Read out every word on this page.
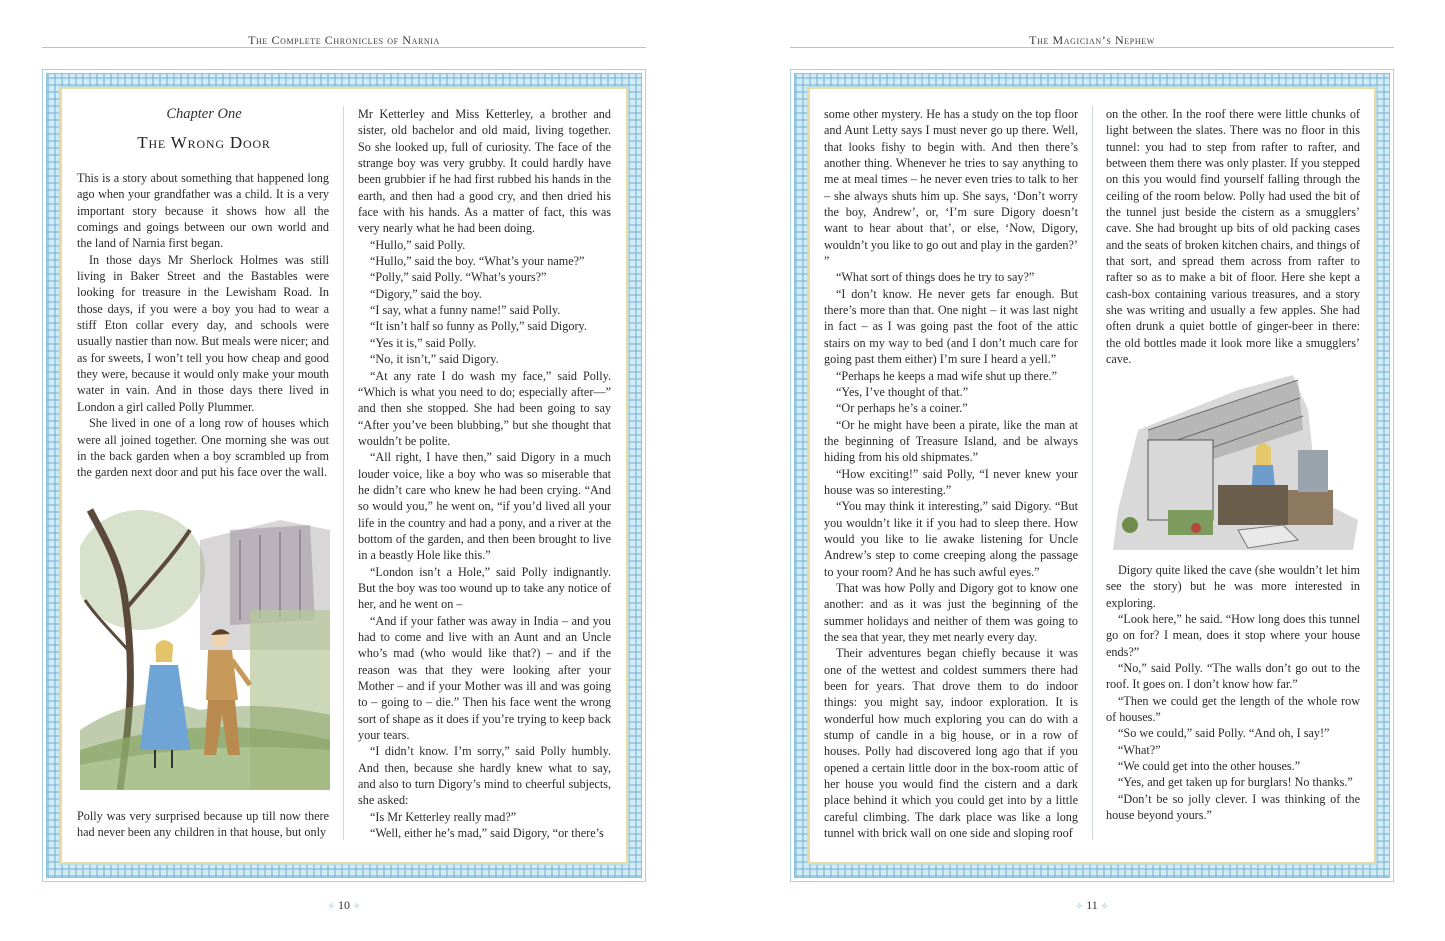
The Complete Chronicles of Narnia
Chapter One
The Wrong Door

This is a story about something that happened long ago when your grandfather was a child. It is a very important story because it shows how all the comings and goings between our own world and the land of Narnia first began.

In those days Mr Sherlock Holmes was still living in Baker Street and the Bastables were looking for treasure in the Lewisham Road. In those days, if you were a boy you had to wear a stiff Eton collar every day, and schools were usually nastier than now. But meals were nicer; and as for sweets, I won’t tell you how cheap and good they were, because it would only make your mouth water in vain. And in those days there lived in London a girl called Polly Plummer.

She lived in one of a long row of houses which were all joined together. One morning she was out in the back garden when a boy scrambled up from the garden next door and put his face over the wall.

Polly was very surprised because up till now there had never been any children in that house, but only

Mr Ketterley and Miss Ketterley, a brother and sister, old bachelor and old maid, living together. So she looked up, full of curiosity. The face of the strange boy was very grubby. It could hardly have been grubbier if he had first rubbed his hands in the earth, and then had a good cry, and then dried his face with his hands. As a matter of fact, this was very nearly what he had been doing.

“Hullo,” said Polly.

“Hullo,” said the boy. “What’s your name?”

“Polly,” said Polly. “What’s yours?”

“Digory,” said the boy.

“I say, what a funny name!” said Polly.

“It isn’t half so funny as Polly,” said Digory.

“Yes it is,” said Polly.

“No, it isn’t,” said Digory.

“At any rate I do wash my face,” said Polly. “Which is what you need to do; especially after—” and then she stopped. She had been going to say “After you’ve been blubbing,” but she thought that wouldn’t be polite.

“All right, I have then,” said Digory in a much louder voice, like a boy who was so miserable that he didn’t care who knew he had been crying. “And so would you,” he went on, “if you’d lived all your life in the country and had a pony, and a river at the bottom of the garden, and then been brought to live in a beastly Hole like this.”

“London isn’t a Hole,” said Polly indignantly. But the boy was too wound up to take any notice of her, and he went on –

“And if your father was away in India – and you had to come and live with an Aunt and an Uncle who’s mad (who would like that?) – and if the reason was that they were looking after your Mother – and if your Mother was ill and was going to – going to – die.” Then his face went the wrong sort of shape as it does if you’re trying to keep back your tears.

“I didn’t know. I’m sorry,” said Polly humbly. And then, because she hardly knew what to say, and also to turn Digory’s mind to cheerful subjects, she asked:

“Is Mr Ketterley really mad?”

“Well, either he’s mad,” said Digory, “or there’s

✧ 10 ✧
The Magician’s Nephew

some other mystery. He has a study on the top floor and Aunt Letty says I must never go up there. Well, that looks fishy to begin with. And then there’s another thing. Whenever he tries to say anything to me at meal times – he never even tries to talk to her – she always shuts him up. She says, ‘Don’t worry the boy, Andrew’, or, ‘I’m sure Digory doesn’t want to hear about that’, or else, ‘Now, Digory, wouldn’t you like to go out and play in the garden?’ ”

“What sort of things does he try to say?”

“I don’t know. He never gets far enough. But there’s more than that. One night – it was last night in fact – as I was going past the foot of the attic stairs on my way to bed (and I don’t much care for going past them either) I’m sure I heard a yell.”

“Perhaps he keeps a mad wife shut up there.”

“Yes, I’ve thought of that.”

“Or perhaps he’s a coiner.”

“Or he might have been a pirate, like the man at the beginning of Treasure Island, and be always hiding from his old shipmates.”

“How exciting!” said Polly, “I never knew your house was so interesting.”

“You may think it interesting,” said Digory. “But you wouldn’t like it if you had to sleep there. How would you like to lie awake listening for Uncle Andrew’s step to come creeping along the passage to your room? And he has such awful eyes.”

That was how Polly and Digory got to know one another: and as it was just the beginning of the summer holidays and neither of them was going to the sea that year, they met nearly every day.

Their adventures began chiefly because it was one of the wettest and coldest summers there had been for years. That drove them to do indoor things: you might say, indoor exploration. It is wonderful how much exploring you can do with a stump of candle in a big house, or in a row of houses. Polly had discovered long ago that if you opened a certain little door in the box-room attic of her house you would find the cistern and a dark place behind it which you could get into by a little careful climbing. The dark place was like a long tunnel with brick wall on one side and sloping roof

on the other. In the roof there were little chunks of light between the slates. There was no floor in this tunnel: you had to step from rafter to rafter, and between them there was only plaster. If you stepped on this you would find yourself falling through the ceiling of the room below. Polly had used the bit of the tunnel just beside the cistern as a smugglers’ cave. She had brought up bits of old packing cases and the seats of broken kitchen chairs, and things of that sort, and spread them across from rafter to rafter so as to make a bit of floor. Here she kept a cash-box containing various treasures, and a story she was writing and usually a few apples. She had often drunk a quiet bottle of ginger-beer in there: the old bottles made it look more like a smugglers’ cave.

Digory quite liked the cave (she wouldn’t let him see the story) but he was more interested in exploring.

“Look here,” he said. “How long does this tunnel go on for? I mean, does it stop where your house ends?”

“No,” said Polly. “The walls don’t go out to the roof. It goes on. I don’t know how far.”

“Then we could get the length of the whole row of houses.”

“So we could,” said Polly. “And oh, I say!”

“What?”

“We could get into the other houses.”

“Yes, and get taken up for burglars! No thanks.”

“Don’t be so jolly clever. I was thinking of the house beyond yours.”

✧ 11 ✧
